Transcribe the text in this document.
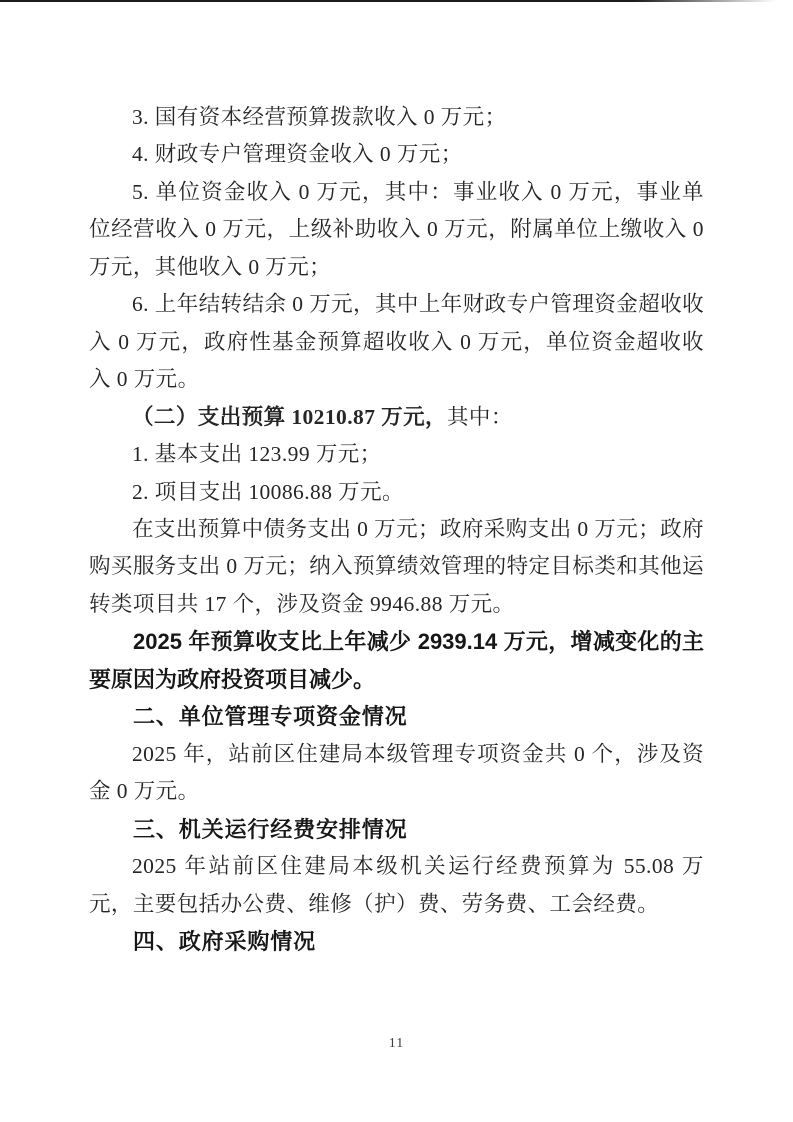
3. 国有资本经营预算拨款收入 0 万元；

4. 财政专户管理资金收入 0 万元；

5. 单位资金收入 0 万元，其中：事业收入 0 万元，事业单位经营收入 0 万元，上级补助收入 0 万元，附属单位上缴收入 0 万元，其他收入 0 万元；

6. 上年结转结余 0 万元，其中上年财政专户管理资金超收收入 0 万元，政府性基金预算超收收入 0 万元，单位资金超收收入 0 万元。

（二）支出预算 10210.87 万元，其中：

1. 基本支出 123.99 万元；

2. 项目支出 10086.88 万元。

在支出预算中债务支出 0 万元；政府采购支出 0 万元；政府购买服务支出 0 万元；纳入预算绩效管理的特定目标类和其他运转类项目共 17 个，涉及资金 9946.88 万元。

2025 年预算收支比上年减少 2939.14 万元，增减变化的主要原因为政府投资项目减少。

二、单位管理专项资金情况

2025 年，站前区住建局本级管理专项资金共 0 个，涉及资金 0 万元。

三、机关运行经费安排情况

2025 年站前区住建局本级机关运行经费预算为 55.08 万元，主要包括办公费、维修（护）费、劳务费、工会经费。

四、政府采购情况

11
